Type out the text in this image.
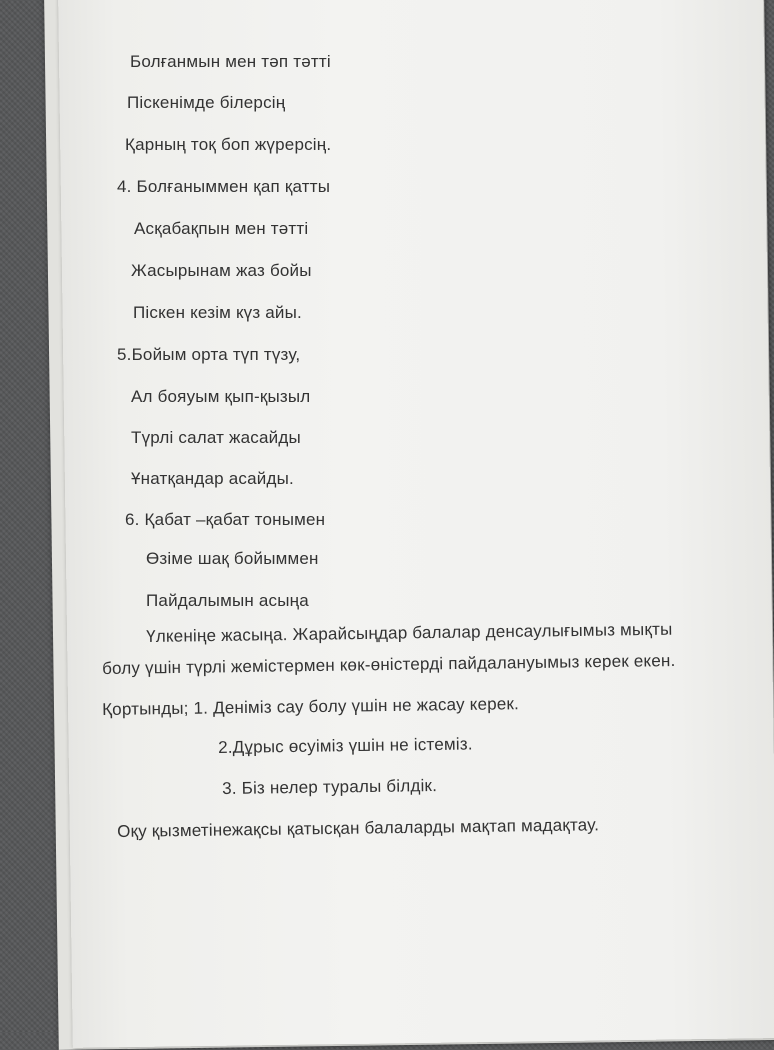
Болғанмын мен тәп тәтті

Піскенімде білерсің

Қарның тоқ боп жүрерсің.

4. Болғаныммен қап қатты

Асқабақпын мен тәтті

Жасырынам жаз бойы

Піскен кезім күз айы.

5.Бойым орта түп түзу,

Ал бояуым қып-қызыл

Түрлі салат жасайды

Ұнатқандар асайды.

6. Қабат –қабат тонымен

Өзіме шақ бойыммен

Пайдалымын асыңа

Үлкеніңе жасыңа. Жарайсыңдар балалар денсаулығымыз мықты

болу үшін түрлі жемістермен көк-өністерді пайдалануымыз керек екен.

Қортынды; 1. Деніміз сау болу үшін не жасау керек.

2.Дұрыс өсуіміз үшін не істеміз.

3. Біз нелер туралы білдік.

Оқу қызметінежақсы қатысқан балаларды мақтап мадақтау.
